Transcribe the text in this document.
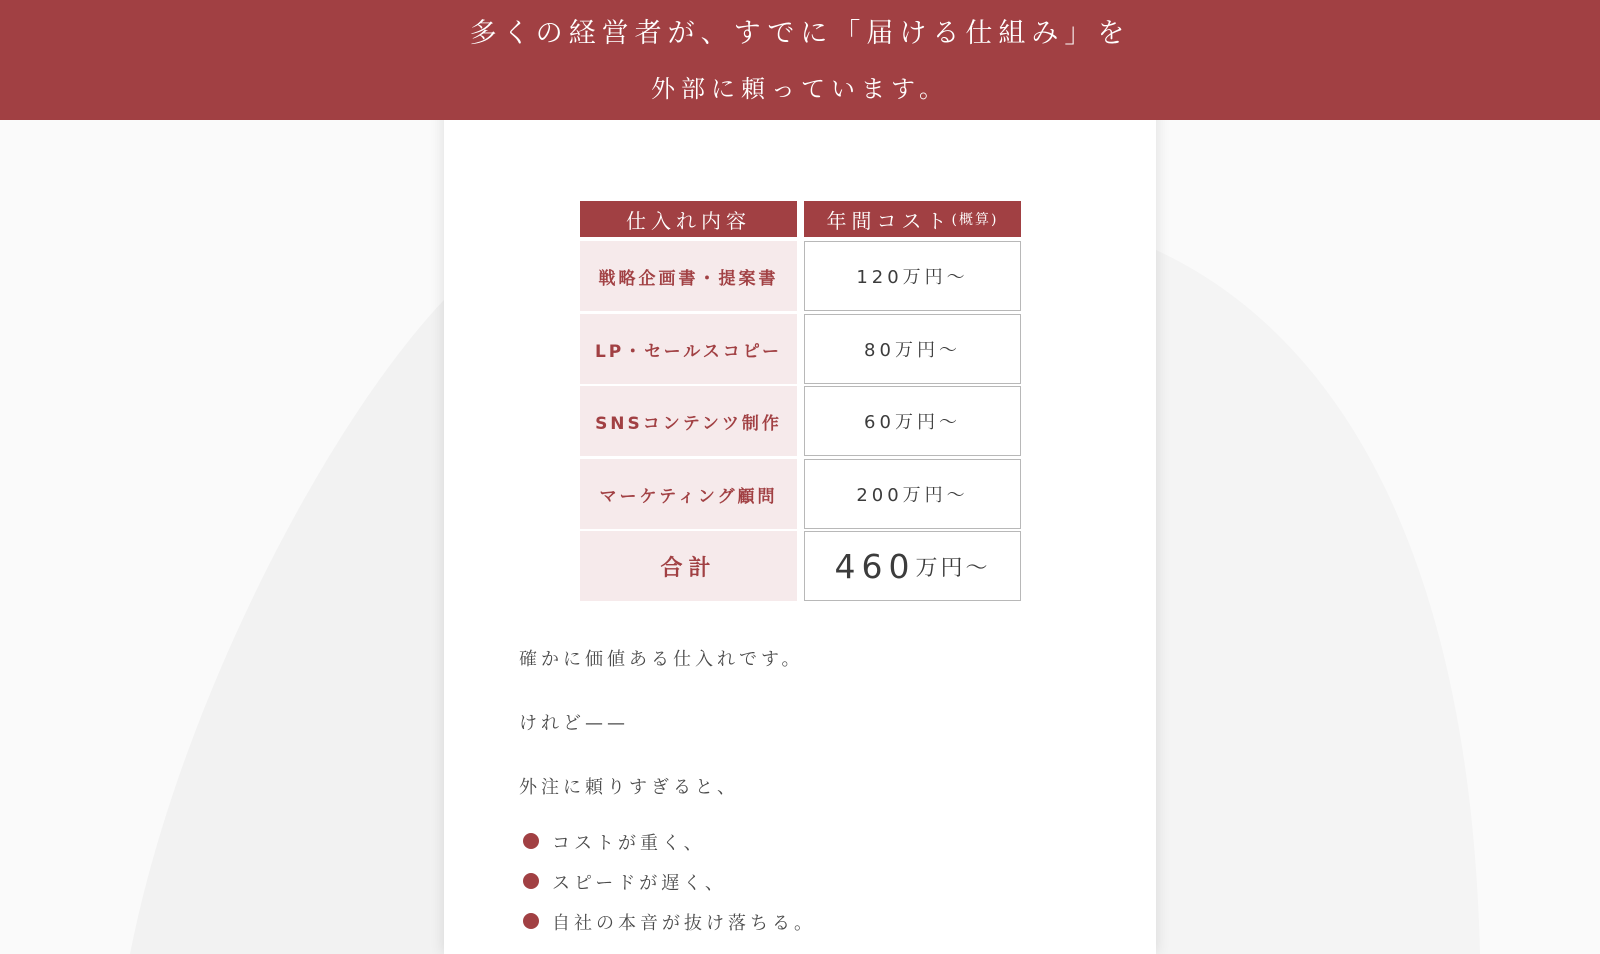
多くの経営者が、すでに「届ける仕組み」を
外部に頼っています。
仕入れ内容	年間コスト (概算)
戦略企画書・提案書	120万円〜
LP・セールスコピー	80万円〜
SNSコンテンツ制作	60万円〜
マーケティング顧問	200万円〜
合計	460 万円〜
確かに価値ある仕入れです。
けれど——
外注に頼りすぎると、
コストが重く、
スピードが遅く、
自社の本音が抜け落ちる。
